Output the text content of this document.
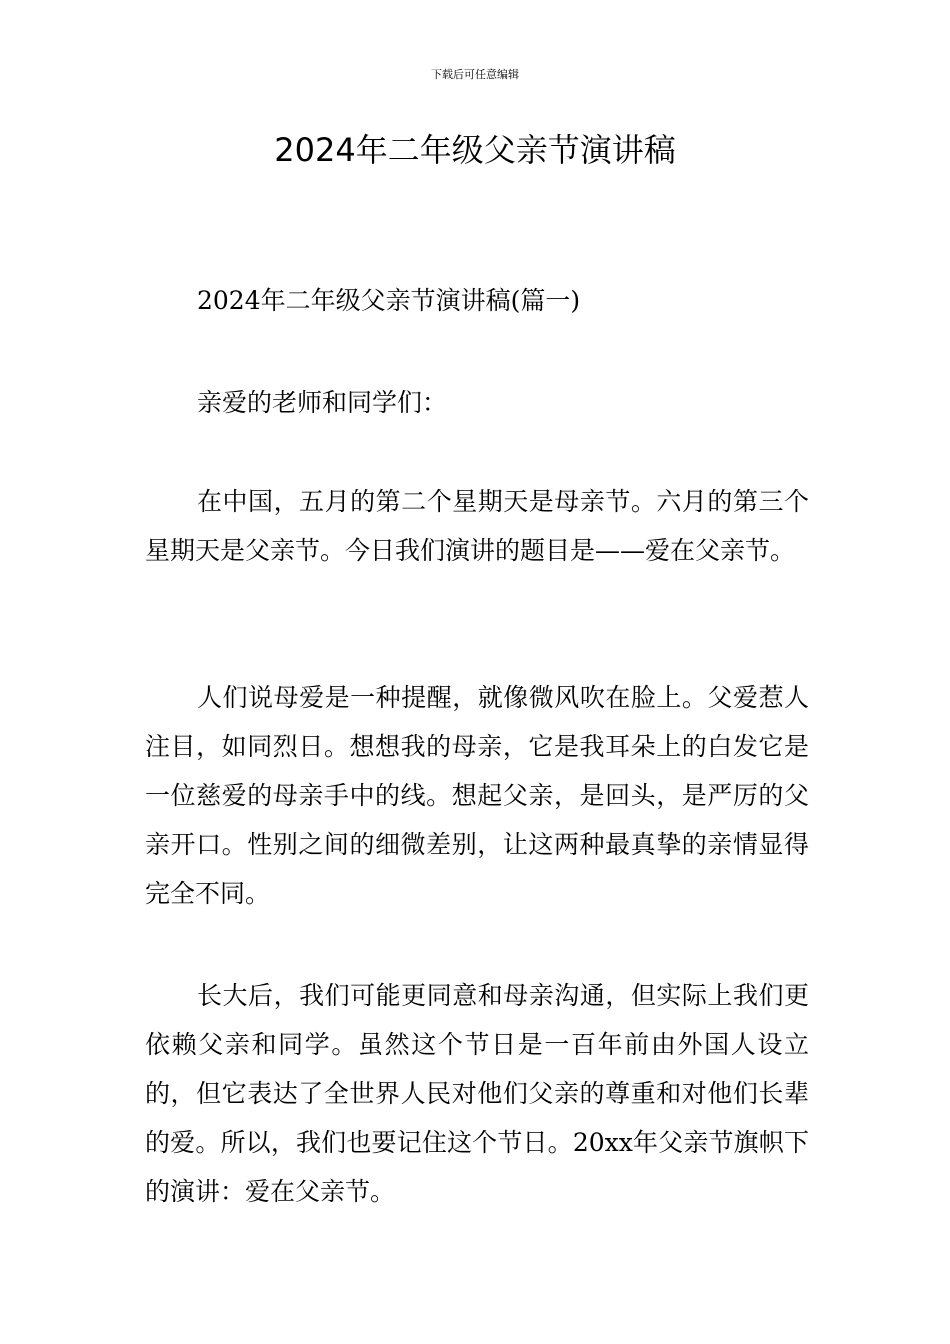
下载后可任意编辑
2024年二年级父亲节演讲稿

2024年二年级父亲节演讲稿(篇一)

亲爱的老师和同学们：

在中国，五月的第二个星期天是母亲节。六月的第三个星期天是父亲节。今日我们演讲的题目是——爱在父亲节。

人们说母爱是一种提醒，就像微风吹在脸上。父爱惹人注目，如同烈日。想想我的母亲，它是我耳朵上的白发它是一位慈爱的母亲手中的线。想起父亲，是回头，是严厉的父亲开口。性别之间的细微差别，让这两种最真挚的亲情显得完全不同。

长大后，我们可能更同意和母亲沟通，但实际上我们更依赖父亲和同学。虽然这个节日是一百年前由外国人设立的，但它表达了全世界人民对他们父亲的尊重和对他们长辈的爱。所以，我们也要记住这个节日。20xx年父亲节旗帜下的演讲：爱在父亲节。
